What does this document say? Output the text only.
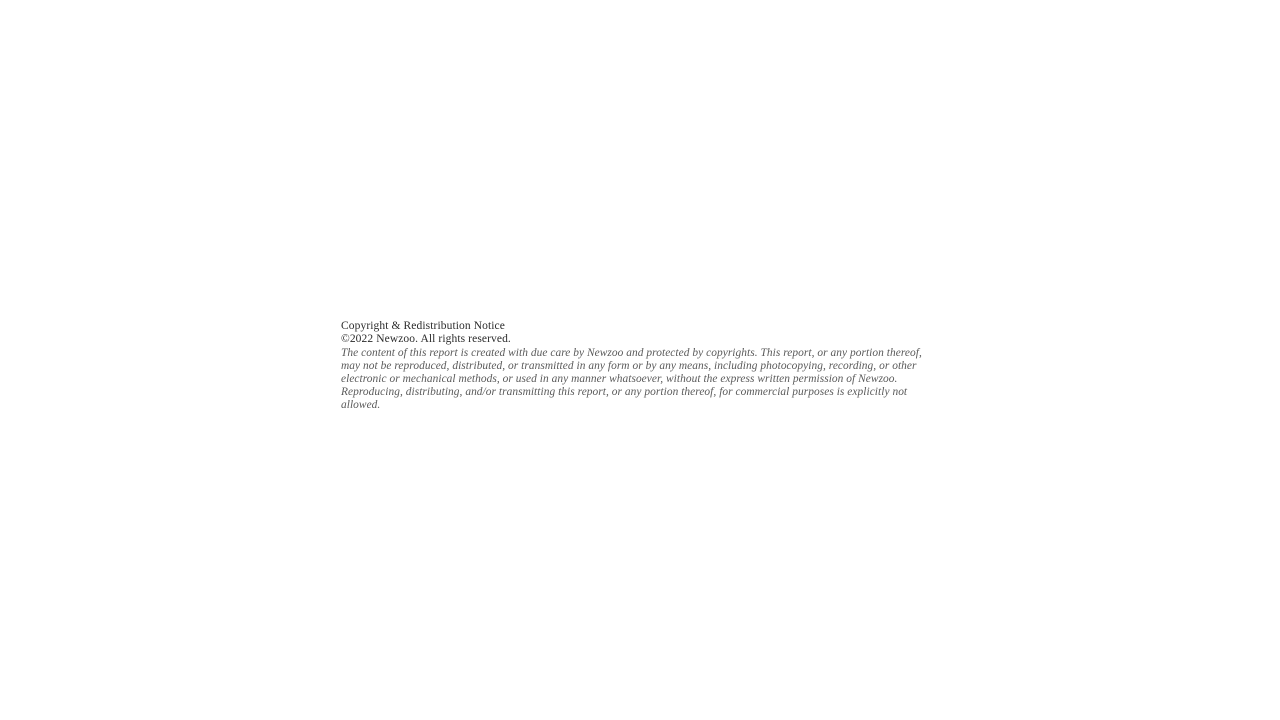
Copyright & Redistribution Notice
©2022 Newzoo. All rights reserved.
The content of this report is created with due care by Newzoo and protected by copyrights. This report, or any portion thereof, may not be reproduced, distributed, or transmitted in any form or by any means, including photocopying, recording, or other electronic or mechanical methods, or used in any manner whatsoever, without the express written permission of Newzoo. Reproducing, distributing, and/or transmitting this report, or any portion thereof, for commercial purposes is explicitly not allowed.
